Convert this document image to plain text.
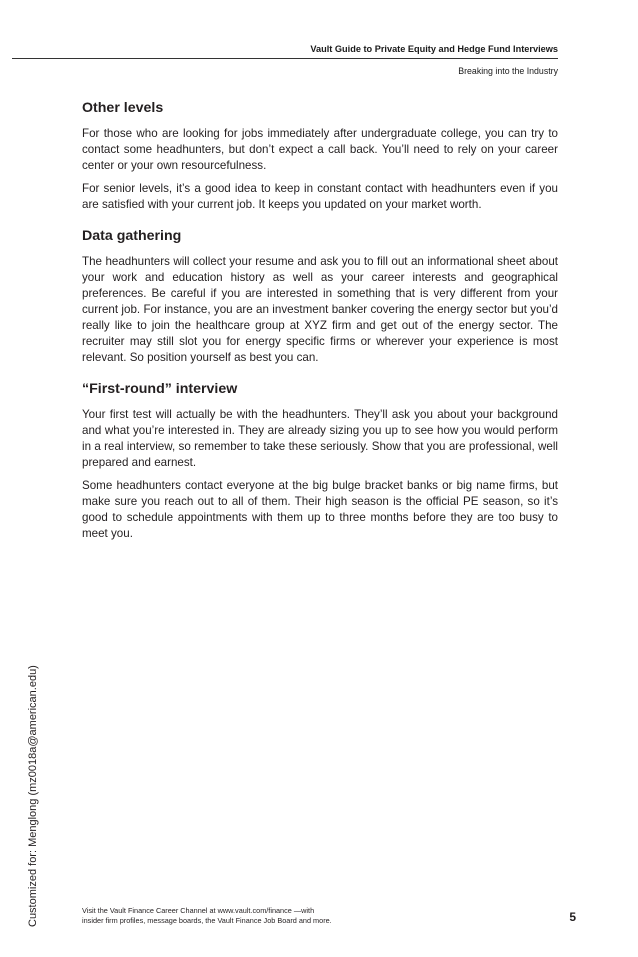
Vault Guide to Private Equity and Hedge Fund Interviews
Breaking into the Industry
Other levels

For those who are looking for jobs immediately after undergraduate college, you can try to contact some headhunters, but don’t expect a call back. You’ll need to rely on your career center or your own resourcefulness.

For senior levels, it’s a good idea to keep in constant contact with headhunters even if you are satisfied with your current job. It keeps you updated on your market worth.

Data gathering

The headhunters will collect your resume and ask you to fill out an informational sheet about your work and education history as well as your career interests and geographical preferences. Be careful if you are interested in something that is very different from your current job. For instance, you are an investment banker covering the energy sector but you’d really like to join the healthcare group at XYZ firm and get out of the energy sector. The recruiter may still slot you for energy specific firms or wherever your experience is most relevant. So position yourself as best you can.

“First-round” interview

Your first test will actually be with the headhunters. They’ll ask you about your background and what you’re interested in. They are already sizing you up to see how you would perform in a real interview, so remember to take these seriously. Show that you are professional, well prepared and earnest.

Some headhunters contact everyone at the big bulge bracket banks or big name firms, but make sure you reach out to all of them. Their high season is the official PE season, so it’s good to schedule appointments with them up to three months before they are too busy to meet you.

Customized for: Menglong (mz0018a@american.edu)	Visit the Vault Finance Career Channel at www.vault.com/finance —with
insider firm profiles, message boards, the Vault Finance Job Board and more.	5
